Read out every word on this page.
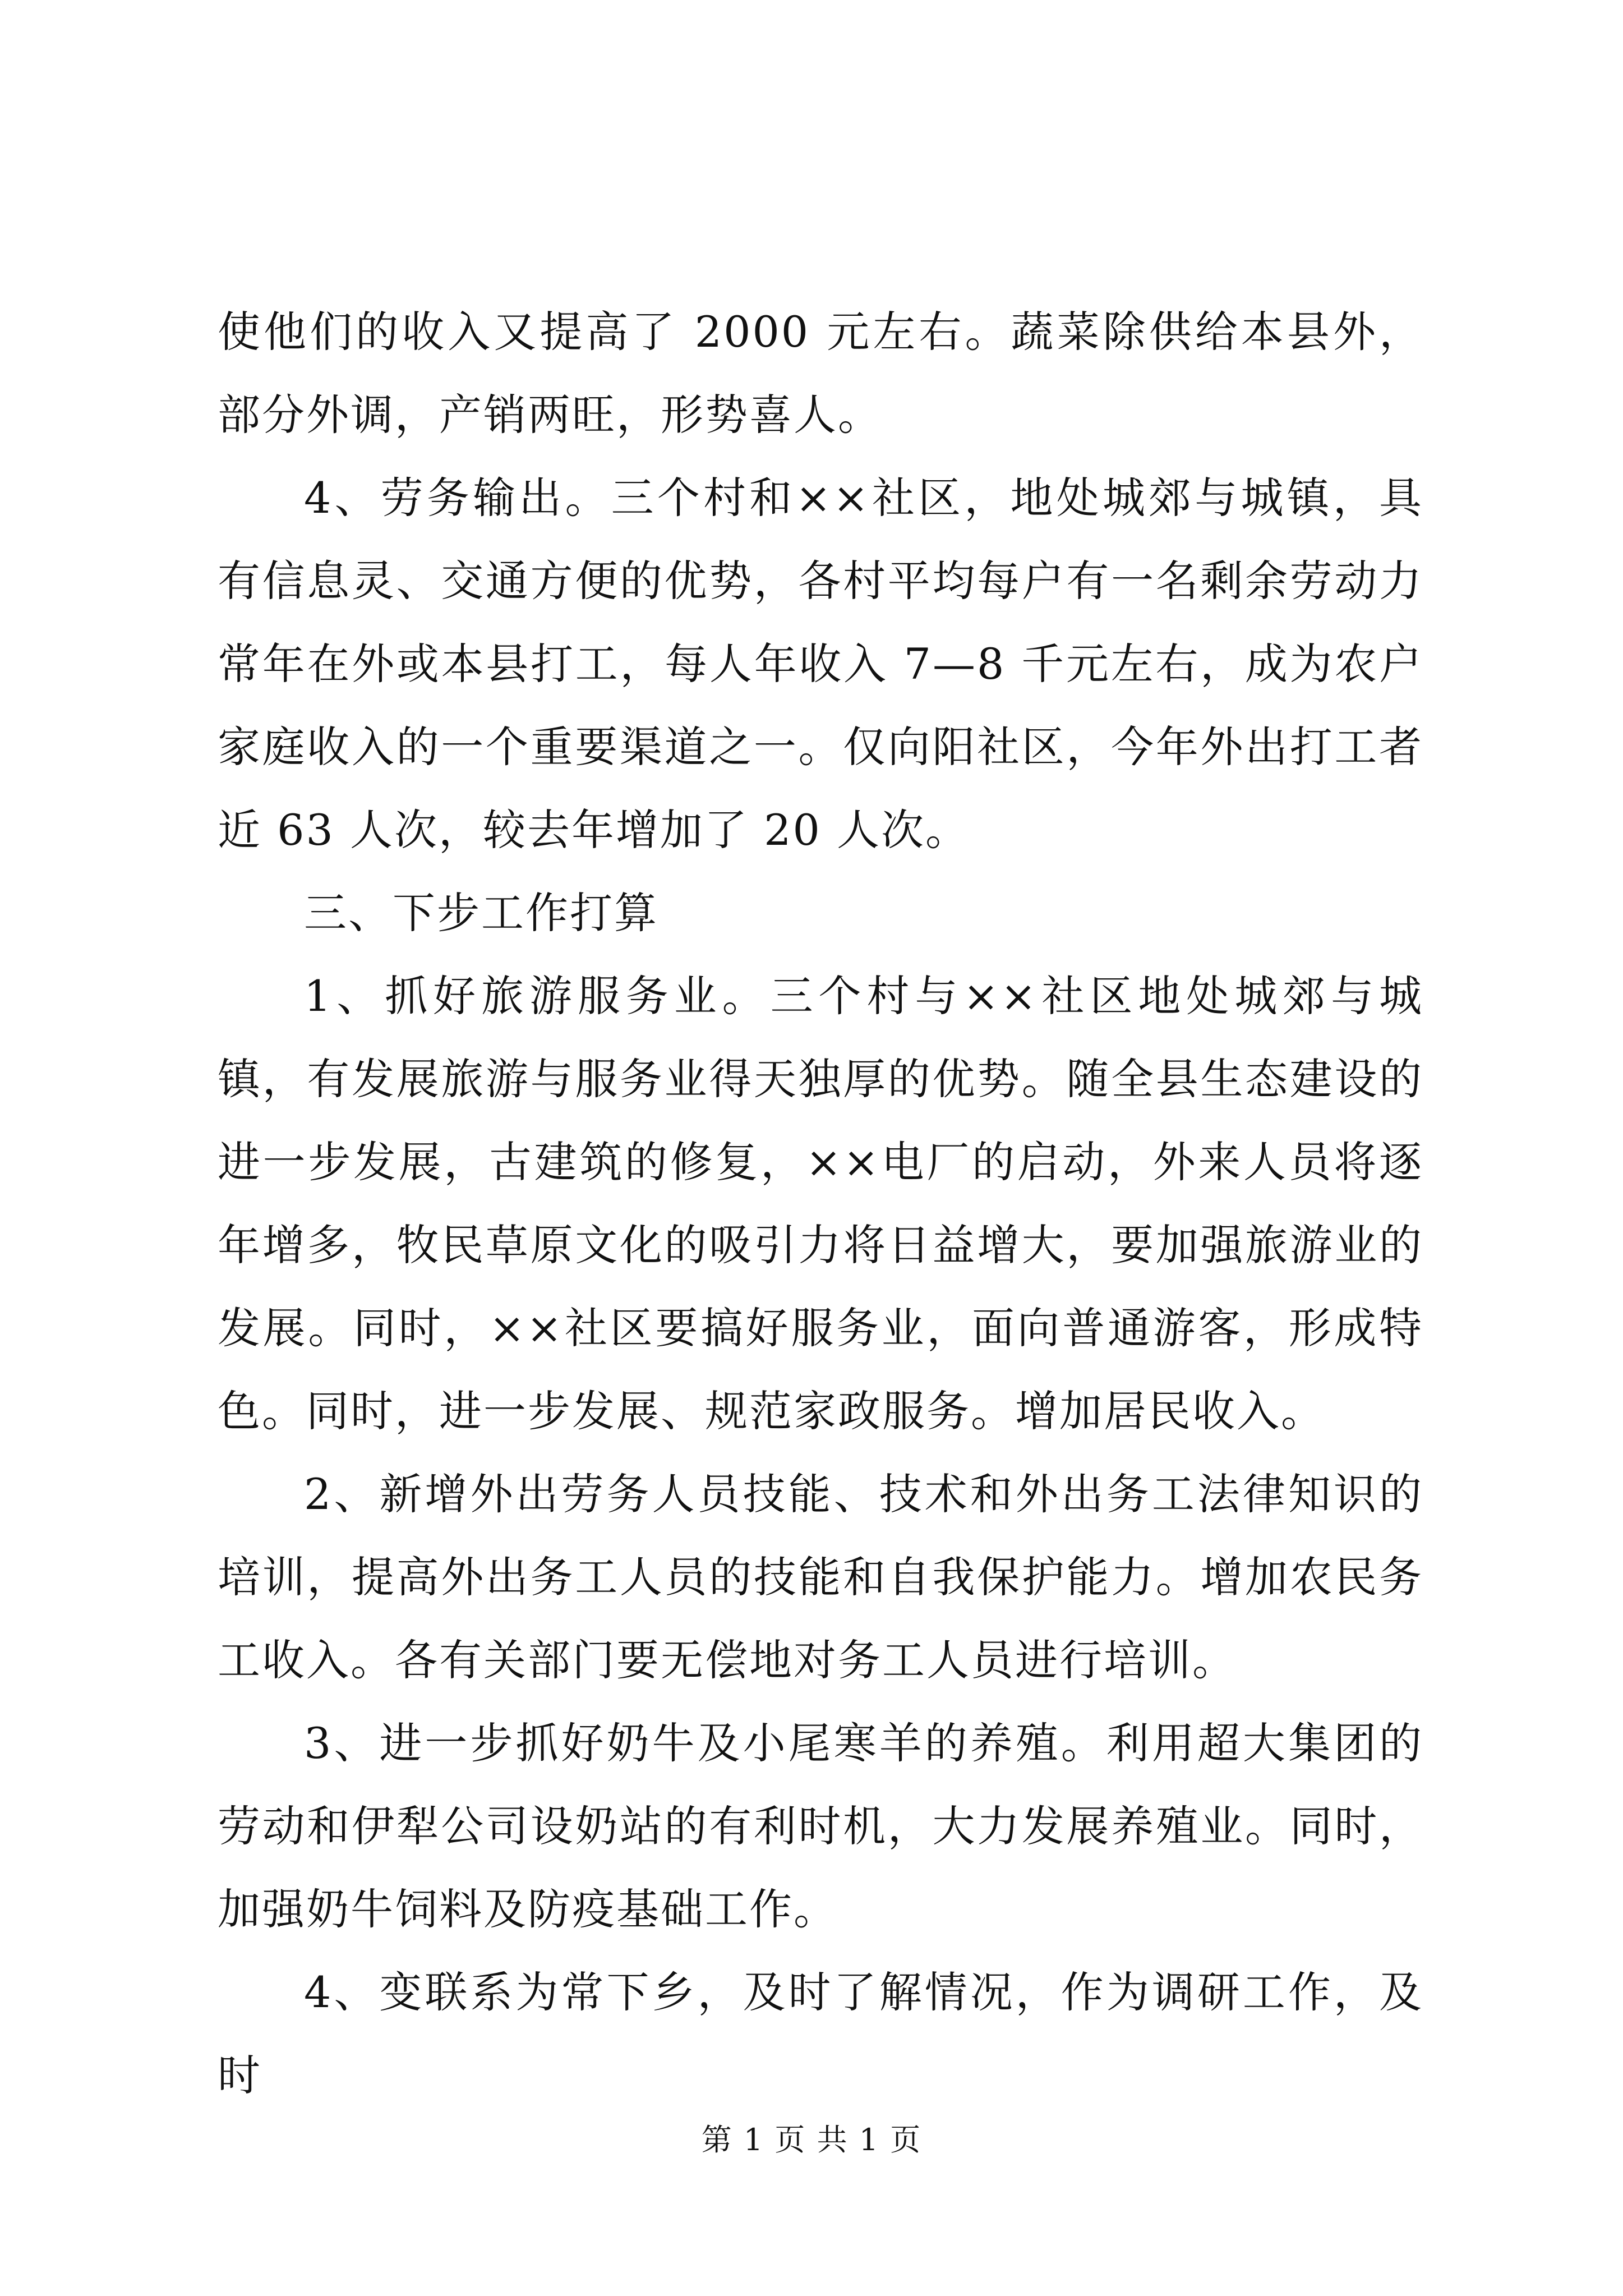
使他们的收入又提高了 2000 元左右。蔬菜除供给本县外，部分外调，产销两旺，形势喜人。

4、劳务输出。三个村和××社区，地处城郊与城镇，具有信息灵、交通方便的优势，各村平均每户有一名剩余劳动力常年在外或本县打工，每人年收入 7—8 千元左右，成为农户家庭收入的一个重要渠道之一。仅向阳社区，今年外出打工者近 63 人次，较去年增加了 20 人次。

三、下步工作打算

1、抓好旅游服务业。三个村与××社区地处城郊与城镇，有发展旅游与服务业得天独厚的优势。随全县生态建设的进一步发展，古建筑的修复，××电厂的启动，外来人员将逐年增多，牧民草原文化的吸引力将日益增大，要加强旅游业的发展。同时，××社区要搞好服务业，面向普通游客，形成特色。同时，进一步发展、规范家政服务。增加居民收入。

2、新增外出劳务人员技能、技术和外出务工法律知识的培训，提高外出务工人员的技能和自我保护能力。增加农民务工收入。各有关部门要无偿地对务工人员进行培训。

3、进一步抓好奶牛及小尾寒羊的养殖。利用超大集团的劳动和伊犁公司设奶站的有利时机，大力发展养殖业。同时，加强奶牛饲料及防疫基础工作。

4、变联系为常下乡，及时了解情况，作为调研工作，及时

第 1 页 共 1 页
